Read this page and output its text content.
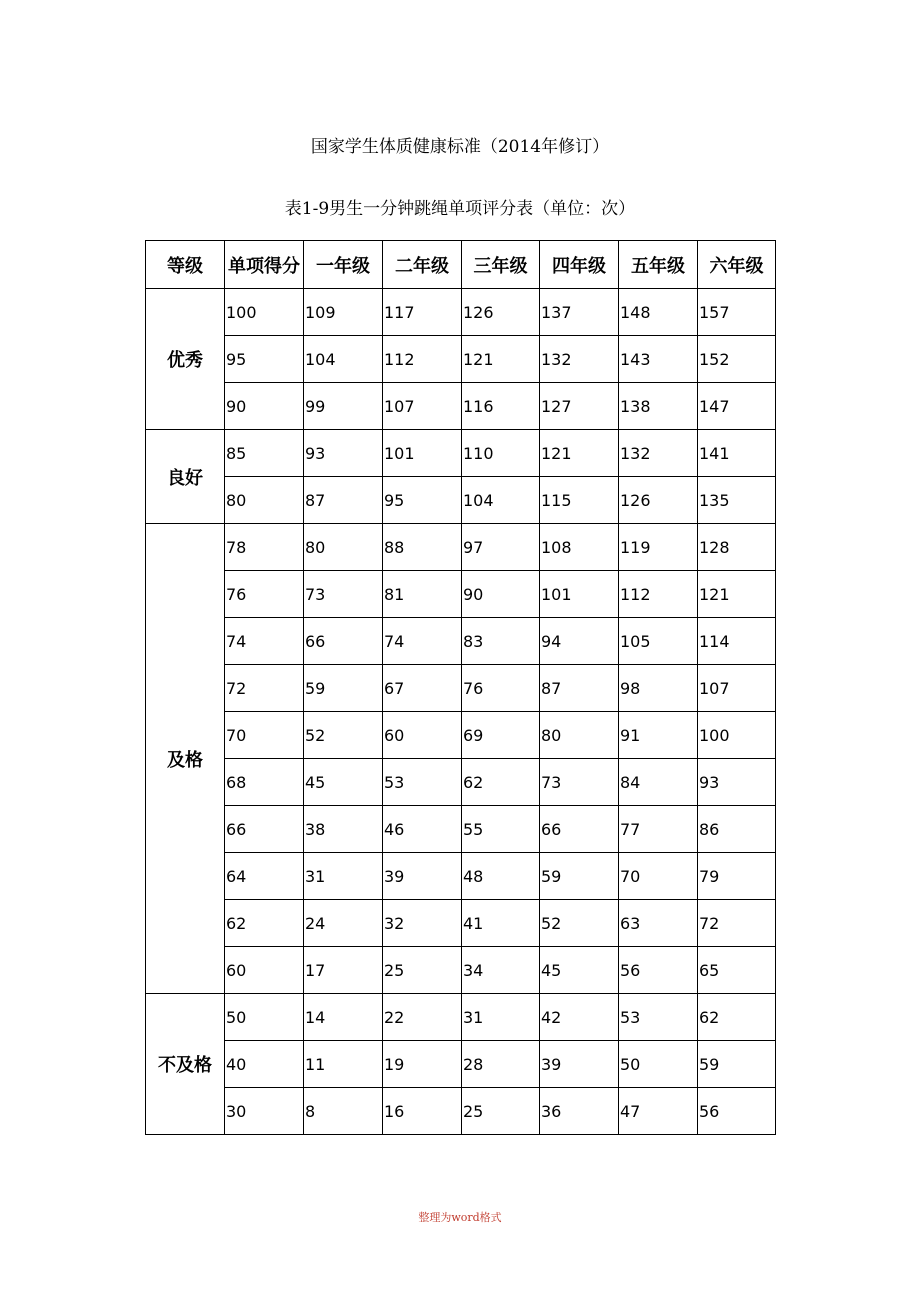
国家学生体质健康标准（2014年修订）
表1-9男生一分钟跳绳单项评分表（单位：次）
等级	单项得分	一年级	二年级	三年级	四年级	五年级	六年级
优秀	100	109	117	126	137	148	157
	95	104	112	121	132	143	152
	90	99	107	116	127	138	147
良好	85	93	101	110	121	132	141
	80	87	95	104	115	126	135
及格	78	80	88	97	108	119	128
	76	73	81	90	101	112	121
	74	66	74	83	94	105	114
	72	59	67	76	87	98	107
	70	52	60	69	80	91	100
	68	45	53	62	73	84	93
	66	38	46	55	66	77	86
	64	31	39	48	59	70	79
	62	24	32	41	52	63	72
	60	17	25	34	45	56	65
不及格	50	14	22	31	42	53	62
	40	11	19	28	39	50	59
	30	8	16	25	36	47	56
整理为word格式
